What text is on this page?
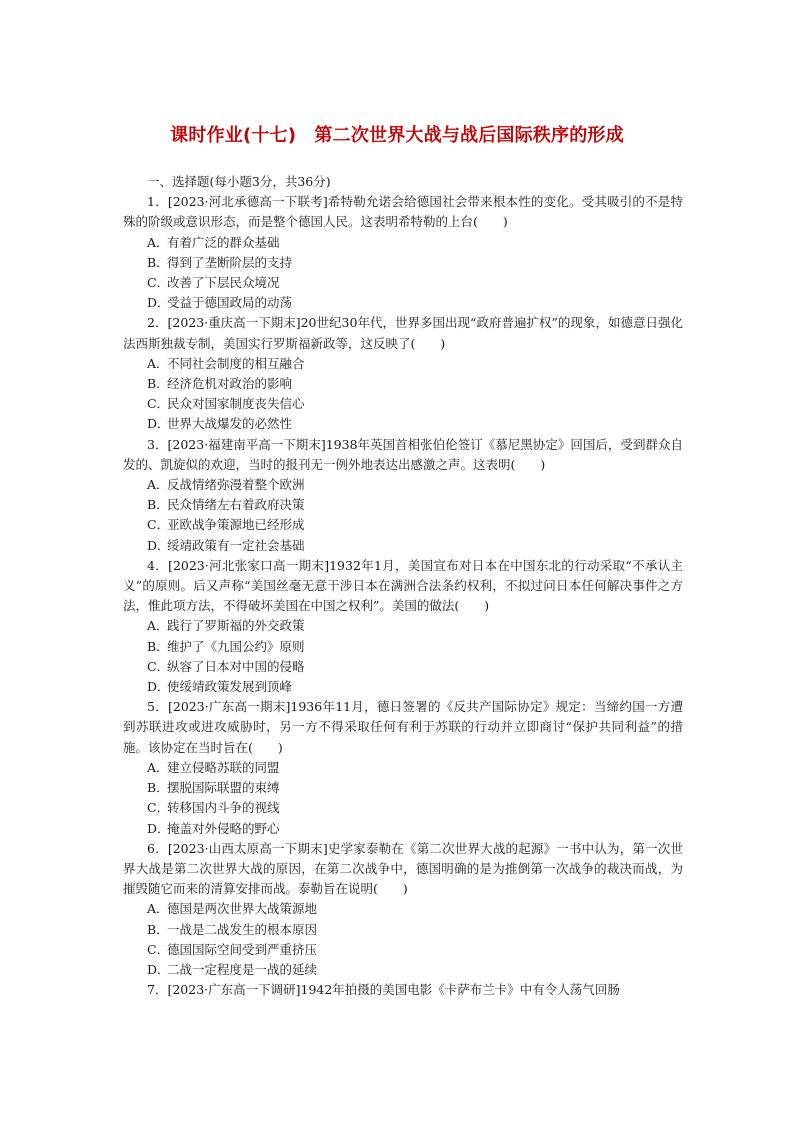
课时作业(十七)　第二次世界大战与战后国际秩序的形成
一、选择题(每小题3分，共36分)
1．[2023·河北承德高一下联考]希特勒允诺会给德国社会带来根本性的变化。受其吸引的不是特殊的阶级或意识形态，而是整个德国人民。这表明希特勒的上台(　　)
A．有着广泛的群众基础
B．得到了垄断阶层的支持
C．改善了下层民众境况
D．受益于德国政局的动荡
2．[2023·重庆高一下期末]20世纪30年代，世界多国出现“政府普遍扩权”的现象，如德意日强化法西斯独裁专制，美国实行罗斯福新政等，这反映了(　　)
A．不同社会制度的相互融合
B．经济危机对政治的影响
C．民众对国家制度丧失信心
D．世界大战爆发的必然性
3．[2023·福建南平高一下期末]1938年英国首相张伯伦签订《慕尼黑协定》回国后，受到群众自发的、凯旋似的欢迎，当时的报刊无一例外地表达出感激之声。这表明(　　)
A．反战情绪弥漫着整个欧洲
B．民众情绪左右着政府决策
C．亚欧战争策源地已经形成
D．绥靖政策有一定社会基础
4．[2023·河北张家口高一期末]1932年1月，美国宣布对日本在中国东北的行动采取“不承认主义”的原则。后又声称“美国丝毫无意干涉日本在满洲合法条约权利，不拟过问日本任何解决事件之方法，惟此项方法，不得破坏美国在中国之权利”。美国的做法(　　)
A．践行了罗斯福的外交政策
B．维护了《九国公约》原则
C．纵容了日本对中国的侵略
D．使绥靖政策发展到顶峰
5．[2023·广东高一期末]1936年11月，德日签署的《反共产国际协定》规定：当缔约国一方遭到苏联进攻或进攻威胁时，另一方不得采取任何有利于苏联的行动并立即商讨“保护共同利益”的措施。该协定在当时旨在(　　)
A．建立侵略苏联的同盟
B．摆脱国际联盟的束缚
C．转移国内斗争的视线
D．掩盖对外侵略的野心
6．[2023·山西太原高一下期末]史学家泰勒在《第二次世界大战的起源》一书中认为，第一次世界大战是第二次世界大战的原因，在第二次战争中，德国明确的是为推倒第一次战争的裁决而战，为摧毁随它而来的清算安排而战。泰勒旨在说明(　　)
A．德国是两次世界大战策源地
B．一战是二战发生的根本原因
C．德国国际空间受到严重挤压
D．二战一定程度是一战的延续
7．[2023·广东高一下调研]1942年拍摄的美国电影《卡萨布兰卡》中有令人荡气回肠
